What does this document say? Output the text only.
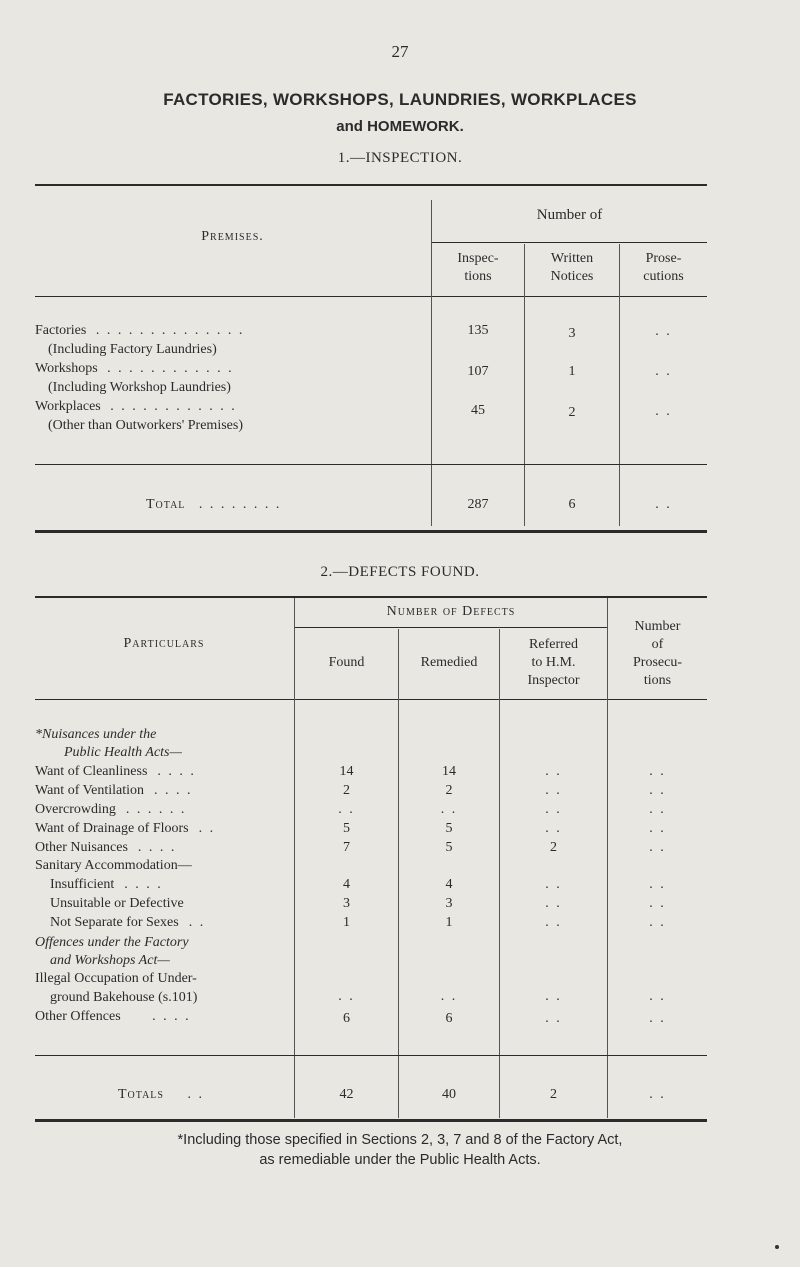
27
FACTORIES, WORKSHOPS, LAUNDRIES, WORKPLACES
and HOMEWORK.
1.—INSPECTION.
Premises.
Number of
Inspec-
tions
Written
Notices
Prose-
cutions
Factories . . . . . . . . . . . . . .
(Including Factory Laundries)
135	3	. .
Workshops . . . . . . . . . . . .
(Including Workshop Laundries)
107	1	. .
Workplaces . . . . . . . . . . . .
(Other than Outworkers' Premises)
45	2	. .
Total . . . . . . . .	287	6	. .
2.—DEFECTS FOUND.
Particulars
Number of Defects
Found	Remedied
Referred
to H.M.
Inspector
Number
of
Prosecu-
tions
*Nuisances under the
Public Health Acts—
Want of Cleanliness . . . .	14	14	. .	. .
Want of Ventilation . . . .	2	2	. .	. .
Overcrowding . . . . . .	. .	. .	. .	. .
Want of Drainage of Floors . .	5	5	. .	. .
Other Nuisances . . . .	7	5	2	. .
Sanitary Accommodation—
Insufficient . . . .	4	4	. .	. .
Unsuitable or Defective	3	3	. .	. .
Not Separate for Sexes . .	1	1	. .	. .
Offences under the Factory
and Workshops Act—
Illegal Occupation of Under-
ground Bakehouse (s.101)	. .	. .	. .	. .
Other Offences . . . .	6	6	. .	. .
Totals . .	42	40	2	. .
*Including those specified in Sections 2, 3, 7 and 8 of the Factory Act,
as remediable under the Public Health Acts.
